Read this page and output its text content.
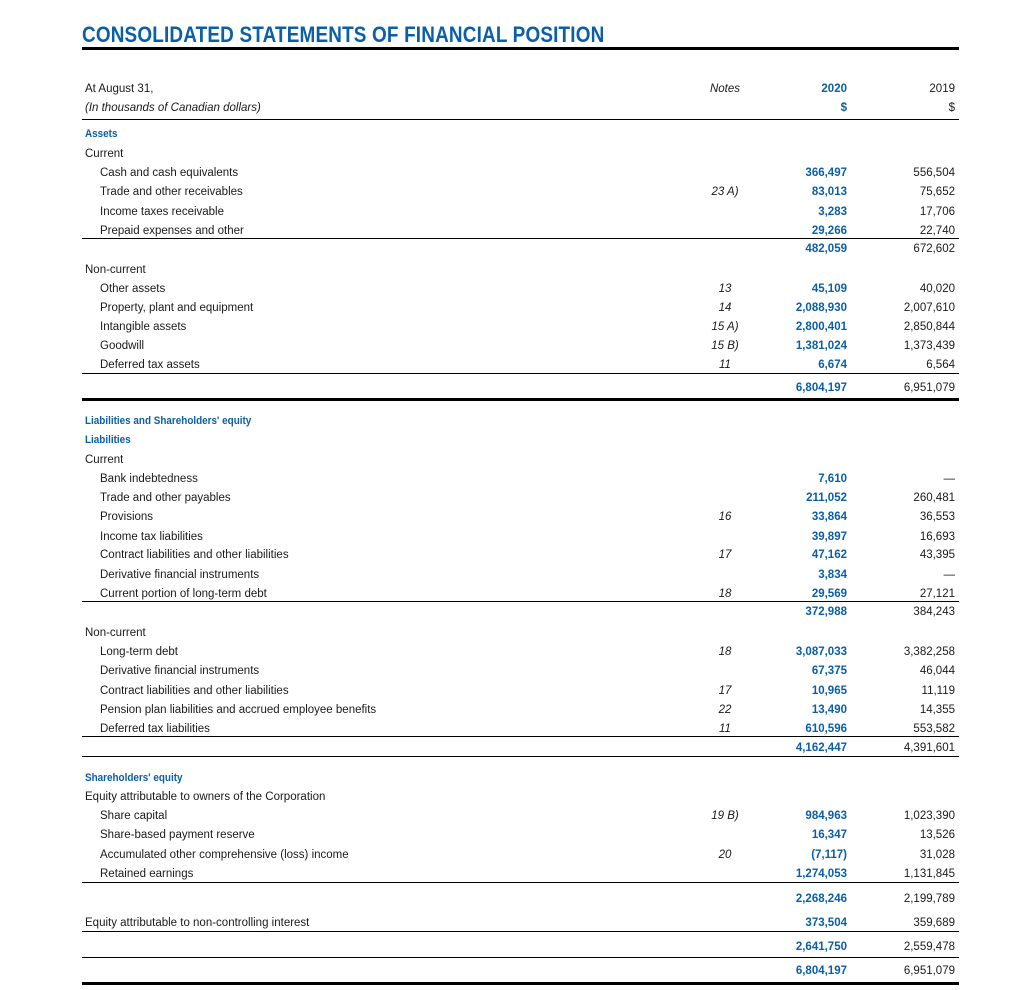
CONSOLIDATED STATEMENTS OF FINANCIAL POSITION
At August 31,
(In thousands of Canadian dollars)
Notes	2020	2019
$	$
Assets
Current
Cash and cash equivalents	366,497	556,504
Trade and other receivables	23 A)	83,013	75,652
Income taxes receivable	3,283	17,706
Prepaid expenses and other	29,266	22,740
482,059	672,602
Non-current
Other assets	13	45,109	40,020
Property, plant and equipment	14	2,088,930	2,007,610
Intangible assets	15 A)	2,800,401	2,850,844
Goodwill	15 B)	1,381,024	1,373,439
Deferred tax assets	11	6,674	6,564
6,804,197	6,951,079
Liabilities and Shareholders' equity
Liabilities
Current
Bank indebtedness	7,610	—
Trade and other payables	211,052	260,481
Provisions	16	33,864	36,553
Income tax liabilities	39,897	16,693
Contract liabilities and other liabilities	17	47,162	43,395
Derivative financial instruments	3,834	—
Current portion of long-term debt	18	29,569	27,121
372,988	384,243
Non-current
Long-term debt	18	3,087,033	3,382,258
Derivative financial instruments	67,375	46,044
Contract liabilities and other liabilities	17	10,965	11,119
Pension plan liabilities and accrued employee benefits	22	13,490	14,355
Deferred tax liabilities	11	610,596	553,582
4,162,447	4,391,601
Shareholders' equity
Equity attributable to owners of the Corporation
Share capital	19 B)	984,963	1,023,390
Share-based payment reserve	16,347	13,526
Accumulated other comprehensive (loss) income	20	(7,117)	31,028
Retained earnings	1,274,053	1,131,845
2,268,246	2,199,789
Equity attributable to non-controlling interest	373,504	359,689
2,641,750	2,559,478
6,804,197	6,951,079
